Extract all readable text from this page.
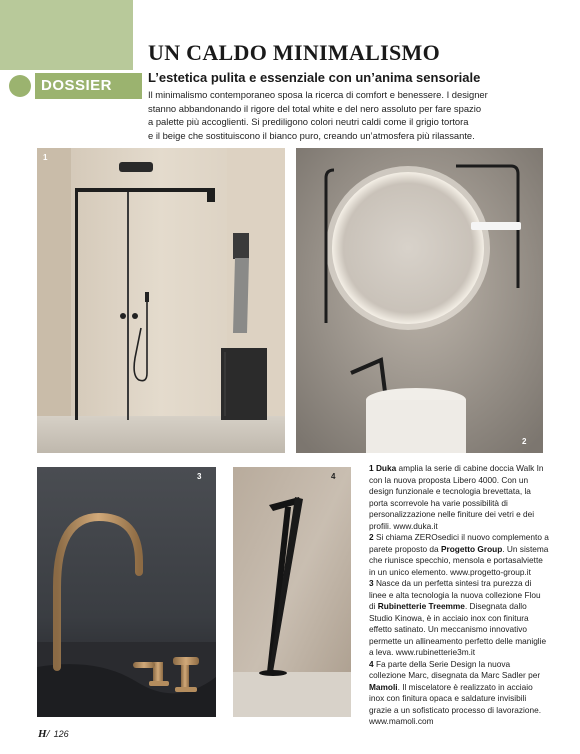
DOSSIER
UN CALDO MINIMALISMO
L’estetica pulita e essenziale con un’anima sensoriale

Il minimalismo contemporaneo sposa la ricerca di comfort e benessere. I designer

stanno abbandonando il rigore del total white e del nero assoluto per fare spazio

a palette più accoglienti. Si prediligono colori neutri caldi come il grigio tortora

e il beige che sostituiscono il bianco puro, creando un’atmosfera più rilassante.

1
2
3	4

1 Duka amplia la serie di cabine doccia Walk In con la nuova proposta Libero 4000. Con un design funzionale e tecnologia brevettata, la porta scorrevole ha varie possibilità di personalizzazione nelle finiture dei vetri e dei profili. www.duka.it

2 Si chiama ZEROsedici il nuovo complemento a parete proposto da Progetto Group. Un sistema che riunisce specchio, mensola e portasalviette in un unico elemento. www.progetto-group.it

3 Nasce da un perfetta sintesi tra purezza di linee e alta tecnologia la nuova collezione Flou di Rubinetterie Treemme. Disegnata dallo Studio Kinowa, è in acciaio inox con finitura effetto satinato. Un meccanismo innovativo permette un allineamento perfetto delle maniglie a leva. www.rubinetterie3m.it

4 Fa parte della Serie Design la nuova collezione Marc, disegnata da Marc Sadler per Mamoli. Il miscelatore è realizzato in acciaio inox con finitura opaca e saldature invisibili grazie a un sofisticato processo di lavorazione. www.mamoli.com

H/ 126
